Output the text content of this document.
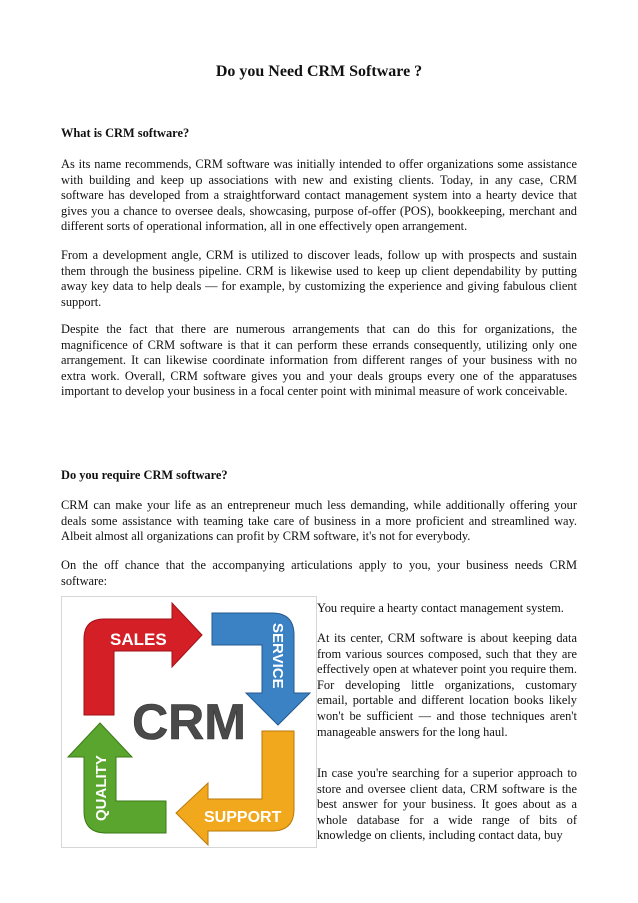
Do you Need CRM Software ?
What is CRM software?

As its name recommends, CRM software was initially intended to offer organizations some assistance with building and keep up associations with new and existing clients. Today, in any case, CRM software has developed from a straightforward contact management system into a hearty device that gives you a chance to oversee deals, showcasing, purpose of-offer (POS), bookkeeping, merchant and different sorts of operational information, all in one effectively open arrangement.

From a development angle, CRM is utilized to discover leads, follow up with prospects and sustain them through the business pipeline. CRM is likewise used to keep up client dependability by putting away key data to help deals — for example, by customizing the experience and giving fabulous client support.

Despite the fact that there are numerous arrangements that can do this for organizations, the magnificence of CRM software is that it can perform these errands consequently, utilizing only one arrangement. It can likewise coordinate information from different ranges of your business with no extra work. Overall, CRM software gives you and your deals groups every one of the apparatuses important to develop your business in a focal center point with minimal measure of work conceivable.

Do you require CRM software?

CRM can make your life as an entrepreneur much less demanding, while additionally offering your deals some assistance with teaming take care of business in a more proficient and streamlined way. Albeit almost all organizations can profit by CRM software, it's not for everybody.

On the off chance that the accompanying articulations apply to you, your business needs CRM software:

SALES	SERVICE
SUPPORT
QUALITY
CRM

You require a hearty contact management system.

At its center, CRM software is about keeping data from various sources composed, such that they are effectively open at whatever point you require them. For developing little organizations, customary email, portable and different location books likely won't be sufficient — and those techniques aren't manageable answers for the long haul.

In case you're searching for a superior approach to store and oversee client data, CRM software is the best answer for your business. It goes about as a whole database for a wide range of bits of knowledge on clients, including contact data, buy
